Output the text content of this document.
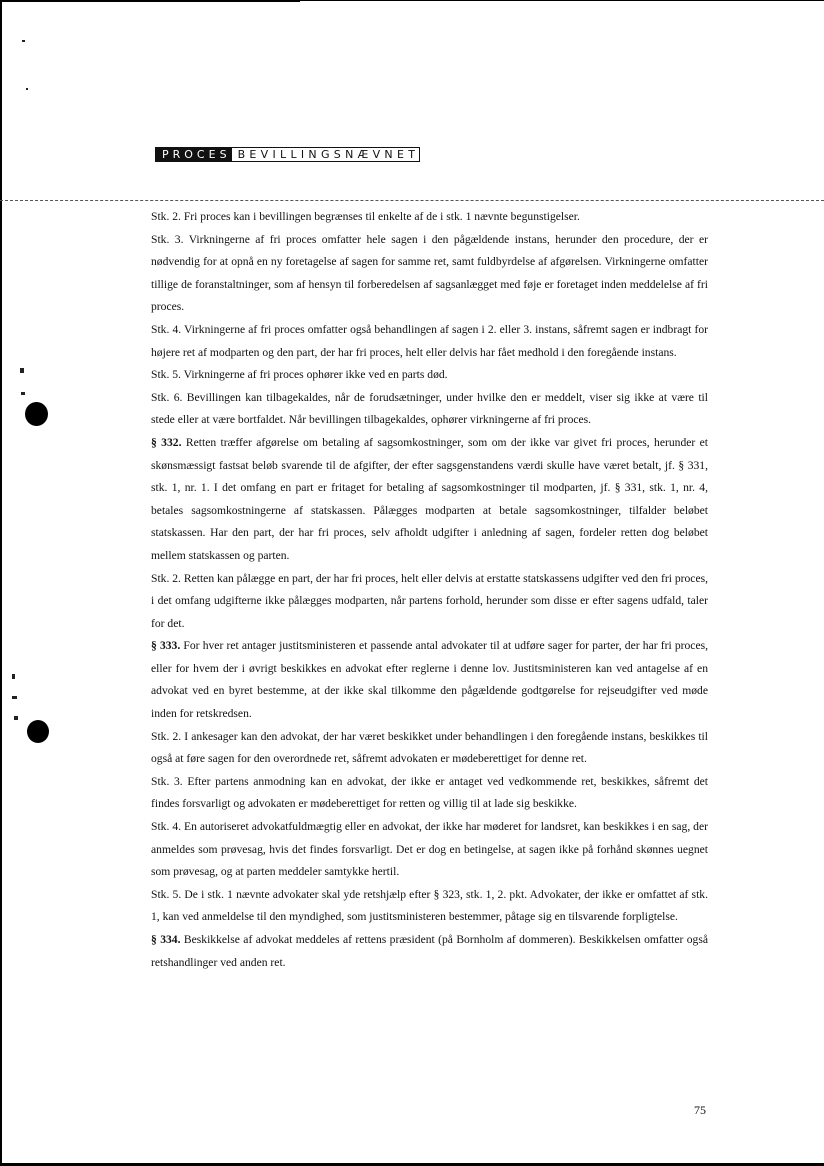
PROCES BEVILLINGSNÆVNET

Stk. 2. Fri proces kan i bevillingen begrænses til enkelte af de i stk. 1 nævnte begunstigelser.

Stk. 3. Virkningerne af fri proces omfatter hele sagen i den pågældende instans, herunder den procedure, der er nødvendig for at opnå en ny foretagelse af sagen for samme ret, samt fuldbyrdelse af afgørelsen. Virkningerne omfatter tillige de foranstaltninger, som af hensyn til forberedelsen af sagsanlægget med føje er foretaget inden meddelelse af fri proces.

Stk. 4. Virkningerne af fri proces omfatter også behandlingen af sagen i 2. eller 3. instans, såfremt sagen er indbragt for højere ret af modparten og den part, der har fri proces, helt eller delvis har fået medhold i den foregående instans.

Stk. 5. Virkningerne af fri proces ophører ikke ved en parts død.

Stk. 6. Bevillingen kan tilbagekaldes, når de forudsætninger, under hvilke den er meddelt, viser sig ikke at være til stede eller at være bortfaldet. Når bevillingen tilbagekaldes, ophører virkningerne af fri proces.

§ 332. Retten træffer afgørelse om betaling af sagsomkostninger, som om der ikke var givet fri proces, herunder et skønsmæssigt fastsat beløb svarende til de afgifter, der efter sagsgenstandens værdi skulle have været betalt, jf. § 331, stk. 1, nr. 1. I det omfang en part er fritaget for betaling af sagsomkostninger til modparten, jf. § 331, stk. 1, nr. 4, betales sagsomkostningerne af statskassen. Pålægges modparten at betale sagsomkostninger, tilfalder beløbet statskassen. Har den part, der har fri proces, selv afholdt udgifter i anledning af sagen, fordeler retten dog beløbet mellem statskassen og parten.

Stk. 2. Retten kan pålægge en part, der har fri proces, helt eller delvis at erstatte statskassens udgifter ved den fri proces, i det omfang udgifterne ikke pålægges modparten, når partens forhold, herunder som disse er efter sagens udfald, taler for det.

§ 333. For hver ret antager justitsministeren et passende antal advokater til at udføre sager for parter, der har fri proces, eller for hvem der i øvrigt beskikkes en advokat efter reglerne i denne lov. Justitsministeren kan ved antagelse af en advokat ved en byret bestemme, at der ikke skal tilkomme den pågældende godtgørelse for rejseudgifter ved møde inden for retskredsen.

Stk. 2. I ankesager kan den advokat, der har været beskikket under behandlingen i den foregående instans, beskikkes til også at føre sagen for den overordnede ret, såfremt advokaten er mødeberettiget for denne ret.

Stk. 3. Efter partens anmodning kan en advokat, der ikke er antaget ved vedkommende ret, beskikkes, såfremt det findes forsvarligt og advokaten er mødeberettiget for retten og villig til at lade sig beskikke.

Stk. 4. En autoriseret advokatfuldmægtig eller en advokat, der ikke har møderet for landsret, kan beskikkes i en sag, der anmeldes som prøvesag, hvis det findes forsvarligt. Det er dog en betingelse, at sagen ikke på forhånd skønnes uegnet som prøvesag, og at parten meddeler samtykke hertil.

Stk. 5. De i stk. 1 nævnte advokater skal yde retshjælp efter § 323, stk. 1, 2. pkt. Advokater, der ikke er omfattet af stk. 1, kan ved anmeldelse til den myndighed, som justitsministeren bestemmer, påtage sig en tilsvarende forpligtelse.

§ 334. Beskikkelse af advokat meddeles af rettens præsident (på Bornholm af dommeren). Beskikkelsen omfatter også retshandlinger ved anden ret.

75
